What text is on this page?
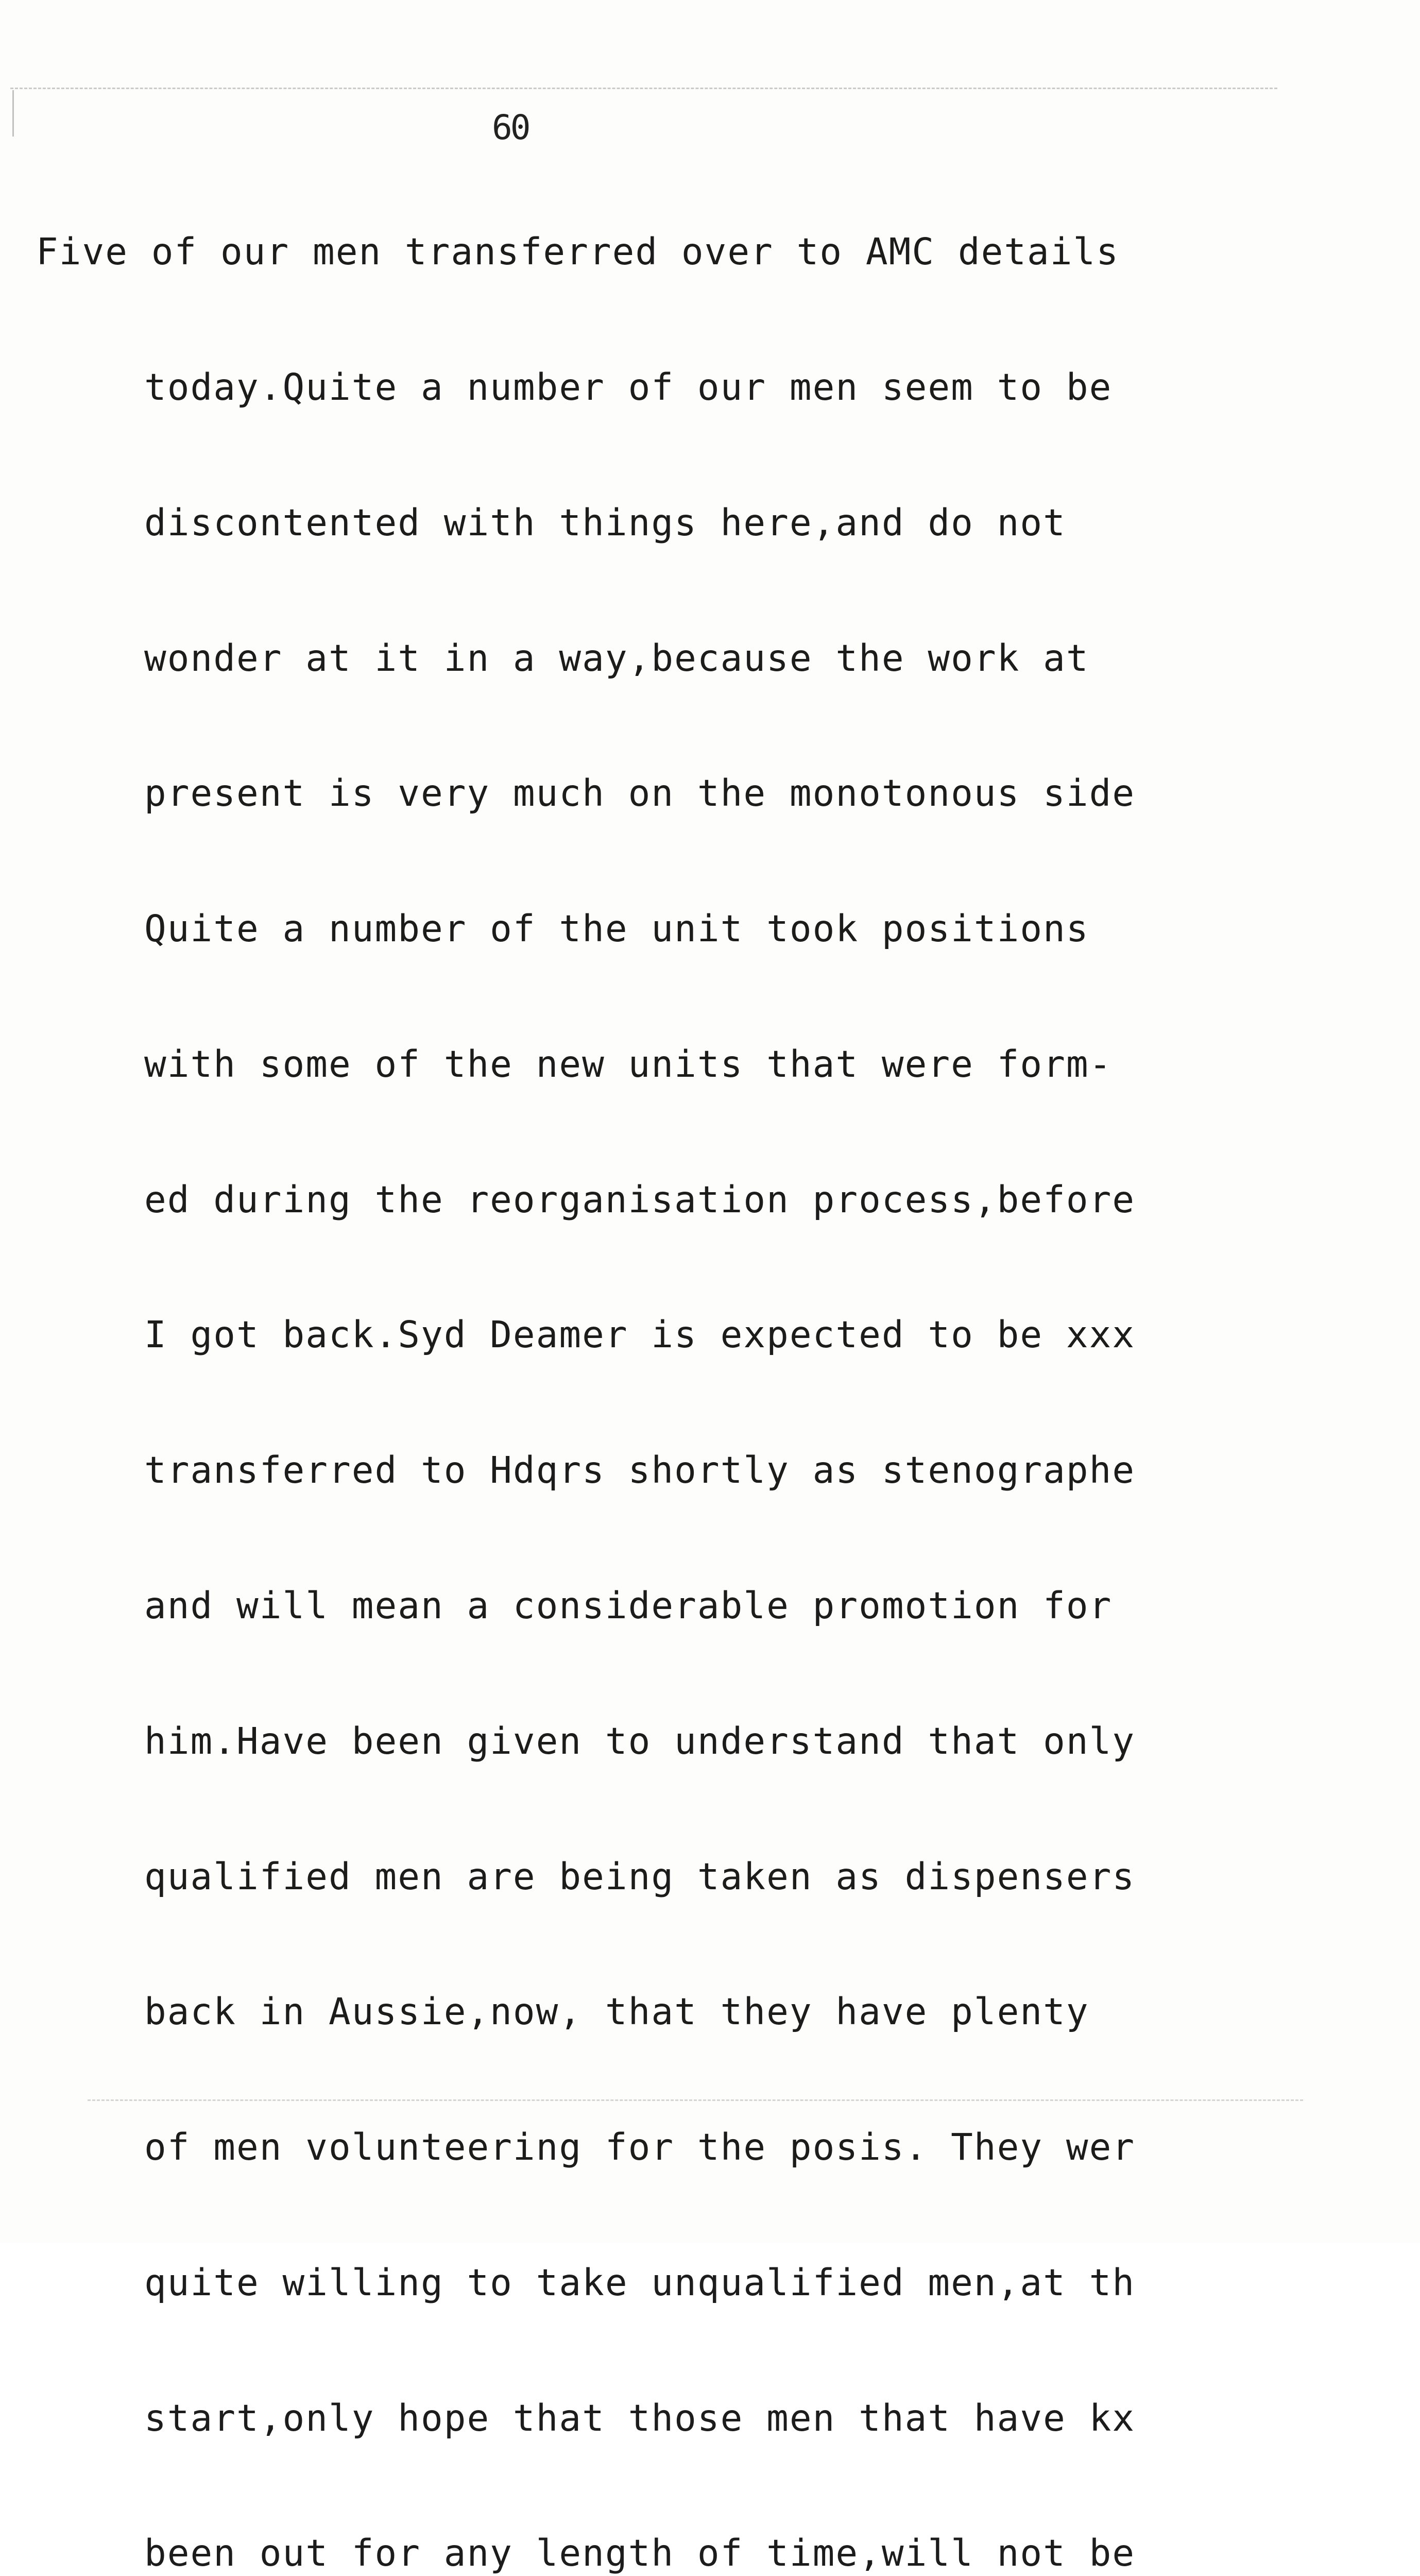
60

Five of our men transferred over to AMC details

today.Quite a number of our men seem to be

discontented with things here,and do not

wonder at it in a way,because the work at

present is very much on the monotonous side

Quite a number of the unit took positions

with some of the new units that were form-

ed during the reorganisation process,before

I got back.Syd Deamer is expected to be xxx

transferred to Hdqrs shortly as stenographe

and will mean a considerable promotion for

him.Have been given to understand that only

qualified men are being taken as dispensers

back in Aussie,now, that they have plenty

of men volunteering for the posis. They wer

quite willing to take unqualified men,at th

start,only hope that those men that have kx

been out for any length of time,will not be
